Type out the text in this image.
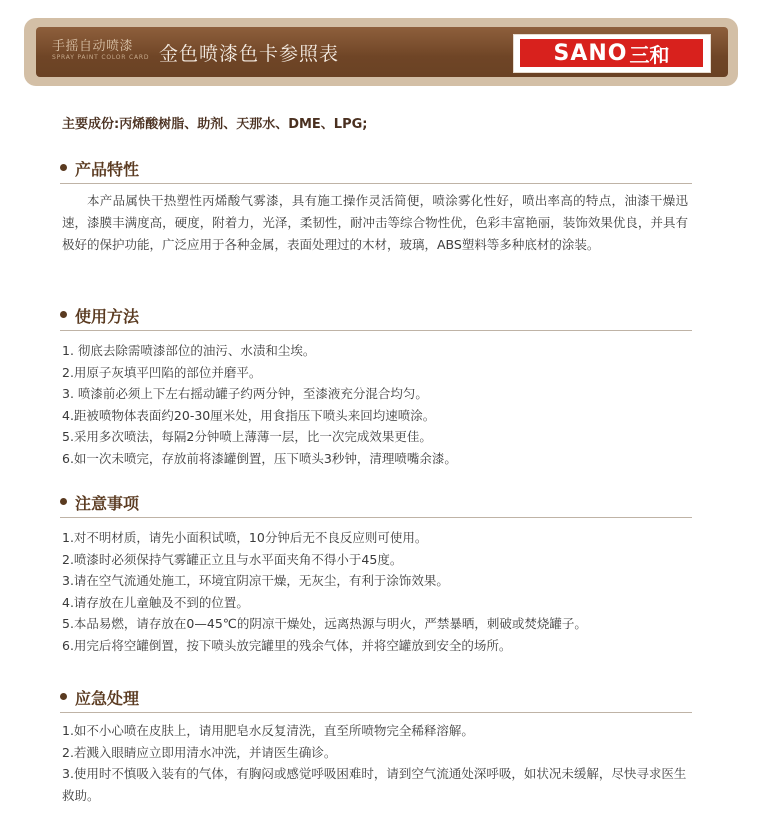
手摇自动喷漆
SPRAY PAINT COLOR CARD 金色喷漆色卡参照表	SANO 三和
主要成份:丙烯酸树脂、助剂、天那水、DME、LPG;
产品特性

本产品属快干热塑性丙烯酸气雾漆，具有施工操作灵活简便，喷涂雾化性好，喷出率高的特点，油漆干燥迅速，漆膜丰满度高，硬度，附着力，光泽，柔韧性，耐冲击等综合物性优，色彩丰富艳丽，装饰效果优良，并具有极好的保护功能，广泛应用于各种金属，表面处理过的木材，玻璃，ABS塑料等多种底材的涂装。

使用方法
1. 彻底去除需喷漆部位的油污、水渍和尘埃。
2.用原子灰填平凹陷的部位并磨平。
3. 喷漆前必须上下左右摇动罐子约两分钟，至漆液充分混合均匀。
4.距被喷物体表面约20-30厘米处，用食指压下喷头来回均速喷涂。
5.采用多次喷法，每隔2分钟喷上薄薄一层，比一次完成效果更佳。
6.如一次未喷完，存放前将漆罐倒置，压下喷头3秒钟，清理喷嘴余漆。
注意事项
1.对不明材质，请先小面积试喷，10分钟后无不良反应则可使用。
2.喷漆时必须保持气雾罐正立且与水平面夹角不得小于45度。
3.请在空气流通处施工，环境宜阴凉干燥，无灰尘，有利于涂饰效果。
4.请存放在儿童触及不到的位置。
5.本品易燃，请存放在0—45℃的阴凉干燥处，远离热源与明火，严禁暴晒，刺破或焚烧罐子。
6.用完后将空罐倒置，按下喷头放完罐里的残余气体，并将空罐放到安全的场所。
应急处理
1.如不小心喷在皮肤上，请用肥皂水反复清洗，直至所喷物完全稀释溶解。
2.若溅入眼睛应立即用清水冲洗，并请医生确诊。
3.使用时不慎吸入装有的气体，有胸闷或感觉呼吸困难时，请到空气流通处深呼吸，如状况未缓解，尽快寻求医生救助。
